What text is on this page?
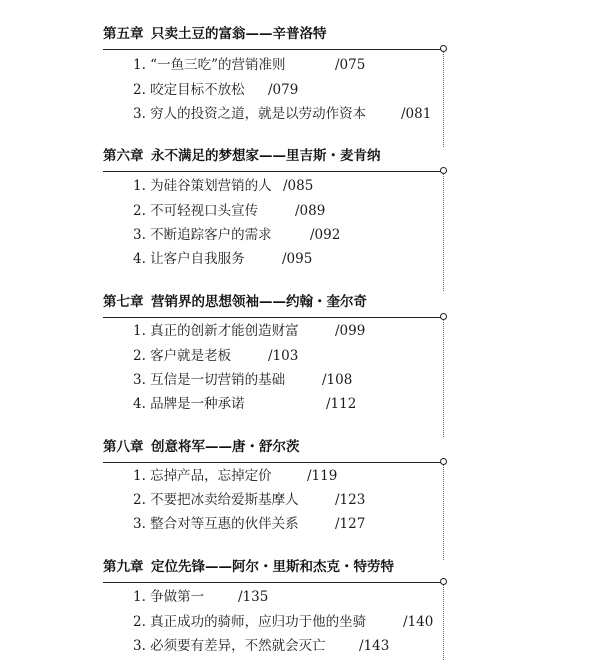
第五章 只卖土豆的富翁——辛普洛特
1. “一鱼三吃”的营销准则	/075
2. 咬定目标不放松 /079
3. 穷人的投资之道，就是以劳动作资本	/081
第六章 永不满足的梦想家——里吉斯・麦肯纳
1. 为硅谷策划营销的人 /085
2. 不可轻视口头宣传	/089
3. 不断追踪客户的需求	/092
4. 让客户自我服务	/095
第七章 营销界的思想领袖——约翰・奎尔奇
1. 真正的创新才能创造财富	/099
2. 客户就是老板	/103
3. 互信是一切营销的基础	/108
4. 品牌是一种承诺	/112
第八章 创意将军——唐・舒尔茨
1. 忘掉产品，忘掉定价	/119
2. 不要把冰卖给爱斯基摩人	/123
3. 整合对等互惠的伙伴关系	/127
第九章 定位先锋——阿尔・里斯和杰克・特劳特
1. 争做第一	/135
2. 真正成功的骑师，应归功于他的坐骑	/140
3. 必须要有差异，不然就会灭亡 /143
